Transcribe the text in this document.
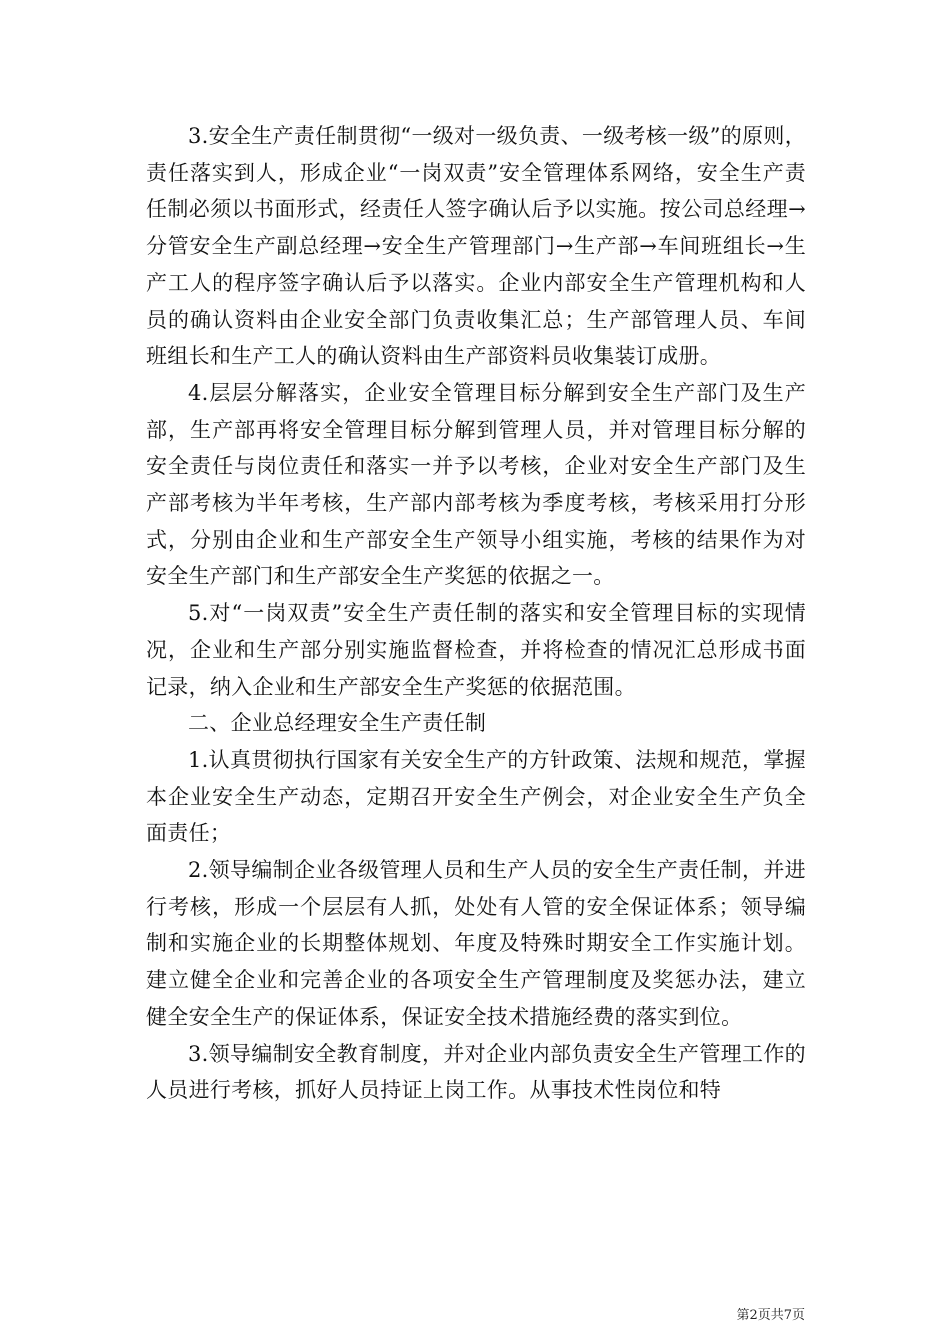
3.安全生产责任制贯彻“一级对一级负责、一级考核一级”的原则，责任落实到人，形成企业“一岗双责”安全管理体系网络，安全生产责任制必须以书面形式，经责任人签字确认后予以实施。按公司总经理→分管安全生产副总经理→安全生产管理部门→生产部→车间班组长→生产工人的程序签字确认后予以落实。企业内部安全生产管理机构和人员的确认资料由企业安全部门负责收集汇总；生产部管理人员、车间班组长和生产工人的确认资料由生产部资料员收集装订成册。

4.层层分解落实，企业安全管理目标分解到安全生产部门及生产部，生产部再将安全管理目标分解到管理人员，并对管理目标分解的安全责任与岗位责任和落实一并予以考核，企业对安全生产部门及生产部考核为半年考核，生产部内部考核为季度考核，考核采用打分形式，分别由企业和生产部安全生产领导小组实施，考核的结果作为对安全生产部门和生产部安全生产奖惩的依据之一。

5.对“一岗双责”安全生产责任制的落实和安全管理目标的实现情况，企业和生产部分别实施监督检查，并将检查的情况汇总形成书面记录，纳入企业和生产部安全生产奖惩的依据范围。

二、企业总经理安全生产责任制

1.认真贯彻执行国家有关安全生产的方针政策、法规和规范，掌握本企业安全生产动态，定期召开安全生产例会，对企业安全生产负全面责任；

2.领导编制企业各级管理人员和生产人员的安全生产责任制，并进行考核，形成一个层层有人抓，处处有人管的安全保证体系；领导编制和实施企业的长期整体规划、年度及特殊时期安全工作实施计划。建立健全企业和完善企业的各项安全生产管理制度及奖惩办法，建立健全安全生产的保证体系，保证安全技术措施经费的落实到位。

3.领导编制安全教育制度，并对企业内部负责安全生产管理工作的人员进行考核，抓好人员持证上岗工作。从事技术性岗位和特

第2页共7页
